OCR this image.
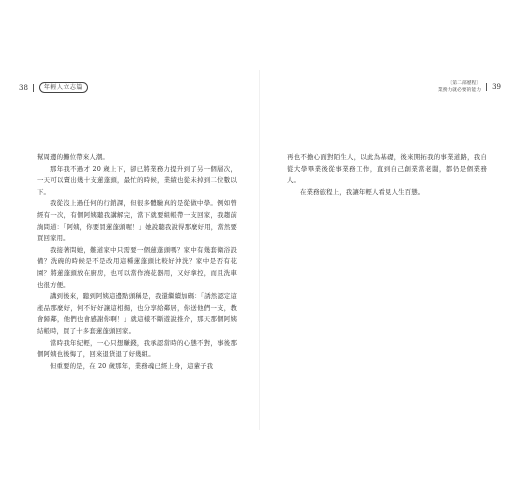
38	年輕人立志篇

幫周邊的攤位帶來人潮。

那年我不過才 20 歲上下，卻已將業務力提升到了另一個層次，一天可以賣出幾十支蓮蓬頭，最忙的時候，業績也從未掉到二位數以下。

我從沒上過任何的行銷課，但很多體驗真的是從做中學。例如曾經有一次，有個阿姨聽我講解完，當下就要組帳帶一支回家，我趨前詢問道：「阿姨，你要買蓮蓬頭喔！」她說聽我說得那麼好用，當然要買回家用。

我接著問她，難道家中只需要一個蓮蓬頭嗎？家中有幾套衛浴設備？洗碗的時候是不是改用這種蓮蓬頭比較好沖洗？家中是否有花園？將蓮蓬頭放在廚房，也可以當作澆花器用，又好拿控，而且洗車也很方便。

講到後來，聽到阿姨這邊點頭稱是，我還繼續加碼：「誘然認定這產品那麼好，何不好好讓這相揚，也分享給鄰居，你送他們一支，教會歸鄰，他們也會感謝你啊！」就這樣不斷遊說推介，那天那個阿姨結帳時，買了十多套蓮蓬頭回家。

當時我年紀輕，一心只想賺錢，我承認當時的心態不對，事後那個阿姨也後悔了，回來退貨退了好幾組。

但重要的是，在 20 歲那年，業務魂已經上身，這輩子我

〔第二部歷程〕
業務力就必要的能力 39

再也不擔心面對陌生人，以此為基礎，後來開拓我的事業道路，我自從大學畢業後從事業務工作，直到自己創業當老闆，都仍是個業務人。

在業務旅程上，我讓年輕人看見人生百態。
